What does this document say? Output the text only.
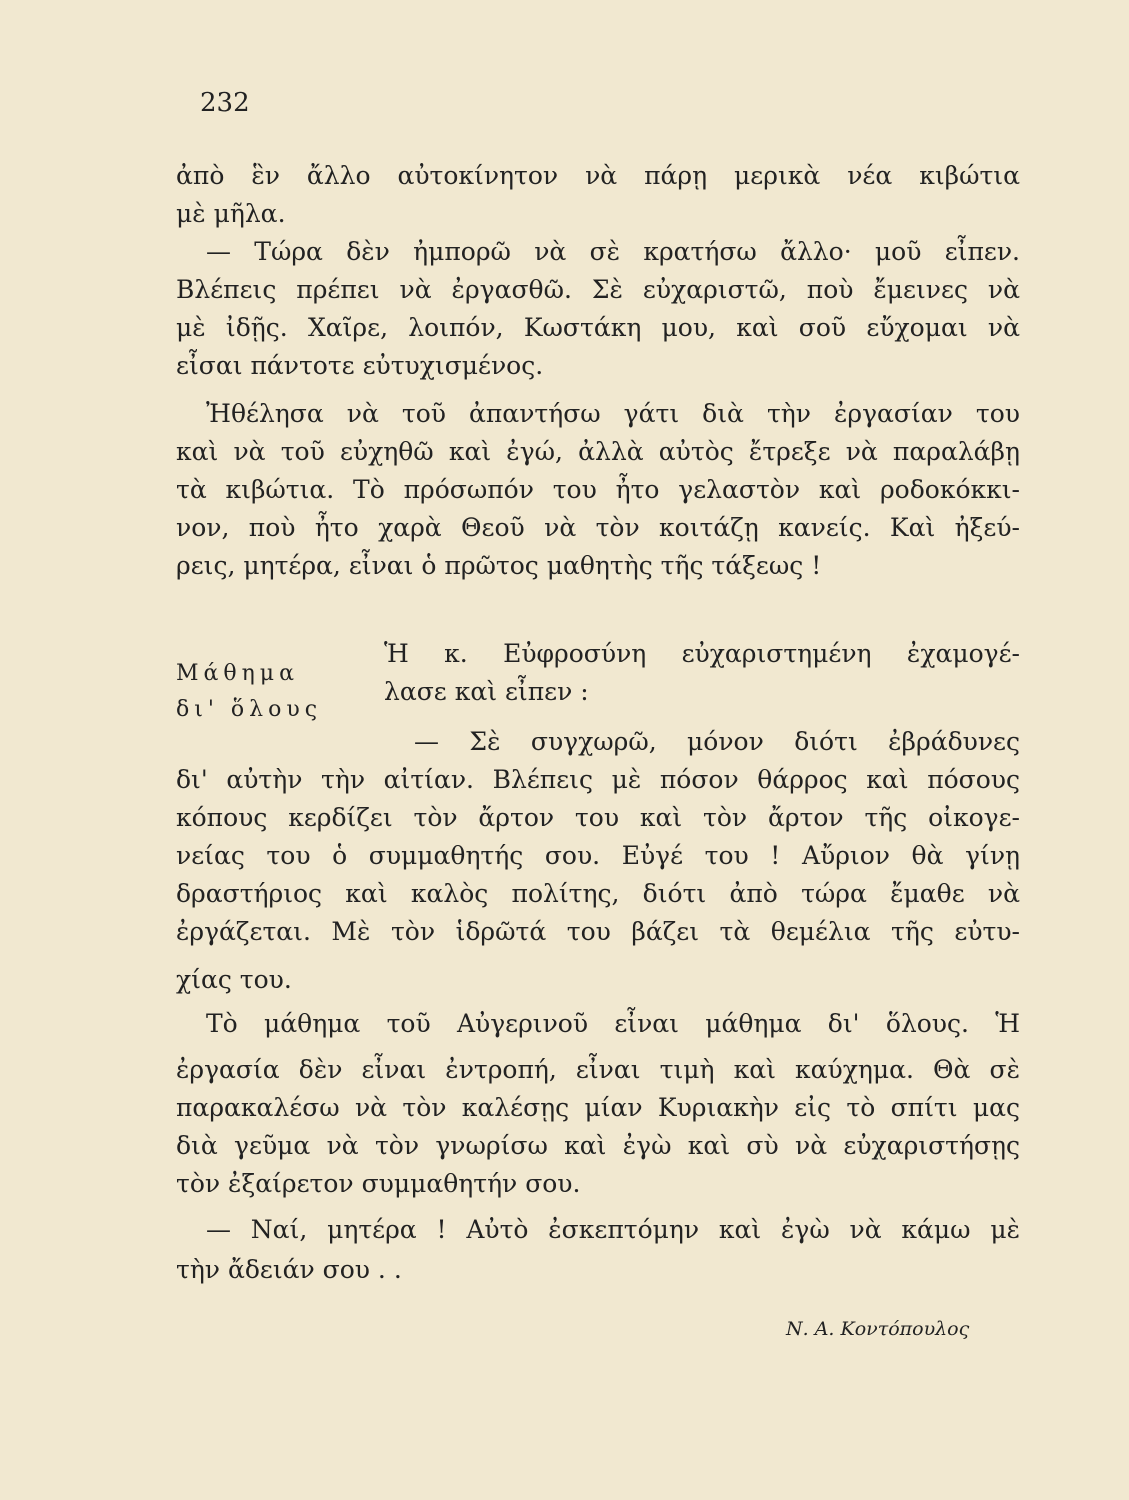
232
ἀπὸ ἓν ἄλλο αὐτοκίνητον νὰ πάρῃ μερικὰ νέα κιβώτια
μὲ μῆλα.
— Τώρα δὲν ἠμπορῶ νὰ σὲ κρατήσω ἄλλο· μοῦ εἶπεν.
Βλέπεις πρέπει νὰ ἐργασθῶ. Σὲ εὐχαριστῶ, ποὺ ἔμεινες νὰ
μὲ ἰδῇς. Χαῖρε, λοιπόν, Κωστάκη μου, καὶ σοῦ εὔχομαι νὰ
εἶσαι πάντοτε εὐτυχισμένος.
Ἠθέλησα νὰ τοῦ ἀπαντήσω γάτι διὰ τὴν ἐργασίαν του
καὶ νὰ τοῦ εὐχηθῶ καὶ ἐγώ, ἀλλὰ αὐτὸς ἔτρεξε νὰ παραλάβῃ
τὰ κιβώτια. Τὸ πρόσωπόν του ἦτο γελαστὸν καὶ ροδοκόκκι-
νον, ποὺ ἦτο χαρὰ Θεοῦ νὰ τὸν κοιτάζῃ κανείς. Καὶ ἠξεύ-
ρεις, μητέρα, εἶναι ὁ πρῶτος μαθητὴς τῆς τάξεως !
Μάθημα
δι' ὅλους
Ἡ κ. Εὐφροσύνη εὐχαριστημένη ἐχαμογέ-
λασε καὶ εἶπεν :
— Σὲ συγχωρῶ, μόνον διότι ἐβράδυνες
δι' αὐτὴν τὴν αἰτίαν. Βλέπεις μὲ πόσον θάρρος καὶ πόσους
κόπους κερδίζει τὸν ἄρτον του καὶ τὸν ἄρτον τῆς οἰκογε-
νείας του ὁ συμμαθητής σου. Εὐγέ του ! Αὔριον θὰ γίνῃ
δραστήριος καὶ καλὸς πολίτης, διότι ἀπὸ τώρα ἔμαθε νὰ
ἐργάζεται. Μὲ τὸν ἱδρῶτά του βάζει τὰ θεμέλια τῆς εὐτυ-
χίας του.
Τὸ μάθημα τοῦ Αὐγερινοῦ εἶναι μάθημα δι' ὅλους. Ἡ
ἐργασία δὲν εἶναι ἐντροπή, εἶναι τιμὴ καὶ καύχημα. Θὰ σὲ
παρακαλέσω νὰ τὸν καλέσῃς μίαν Κυριακὴν εἰς τὸ σπίτι μας
διὰ γεῦμα νὰ τὸν γνωρίσω καὶ ἐγὼ καὶ σὺ νὰ εὐχαριστήσῃς
τὸν ἐξαίρετον συμμαθητήν σου.
— Ναί, μητέρα ! Αὐτὸ ἐσκεπτόμην καὶ ἐγὼ νὰ κάμω μὲ
τὴν ἄδειάν σου . .
Ν. Α. Κοντόπουλος
